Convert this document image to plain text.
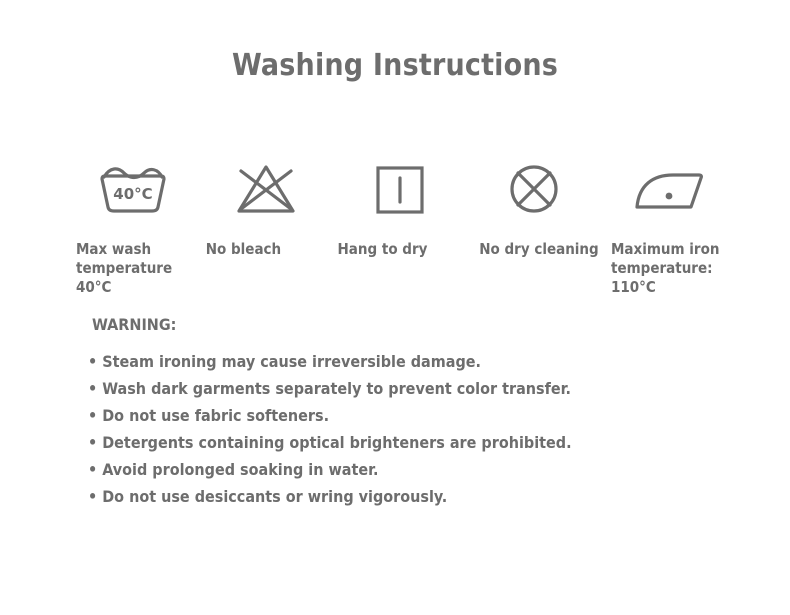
Washing Instructions
40°C
Max wash temperature 40°C
No bleach	Hang to dry	No dry cleaning Maximum iron temperature: 110°C
WARNING:
• Steam ironing may cause irreversible damage.
• Wash dark garments separately to prevent color transfer.
• Do not use fabric softeners.
• Detergents containing optical brighteners are prohibited.
• Avoid prolonged soaking in water.
• Do not use desiccants or wring vigorously.
